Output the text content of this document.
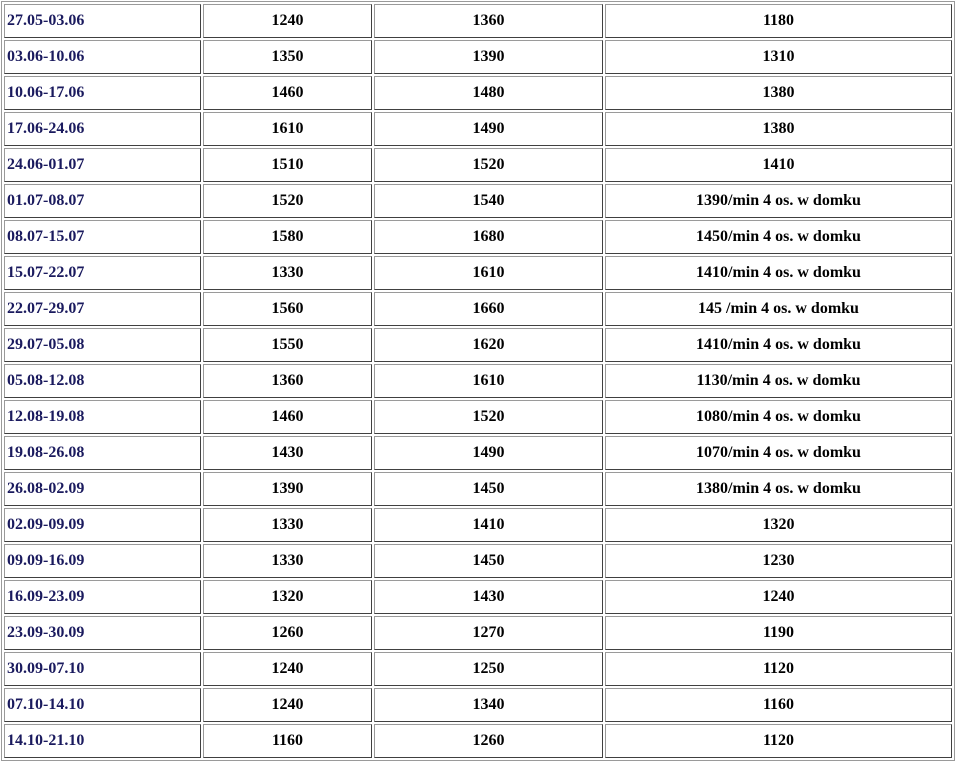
27.05-03.06	1240	1360	1180
03.06-10.06	1350	1390	1310
10.06-17.06	1460	1480	1380
17.06-24.06	1610	1490	1380
24.06-01.07	1510	1520	1410
01.07-08.07	1520	1540	1390/min 4 os. w domku
08.07-15.07	1580	1680	1450/min 4 os. w domku
15.07-22.07	1330	1610	1410/min 4 os. w domku
22.07-29.07	1560	1660	145 /min 4 os. w domku
29.07-05.08	1550	1620	1410/min 4 os. w domku
05.08-12.08	1360	1610	1130/min 4 os. w domku
12.08-19.08	1460	1520	1080/min 4 os. w domku
19.08-26.08	1430	1490	1070/min 4 os. w domku
26.08-02.09	1390	1450	1380/min 4 os. w domku
02.09-09.09	1330	1410	1320
09.09-16.09	1330	1450	1230
16.09-23.09	1320	1430	1240
23.09-30.09	1260	1270	1190
30.09-07.10	1240	1250	1120
07.10-14.10	1240	1340	1160
14.10-21.10	1160	1260	1120
